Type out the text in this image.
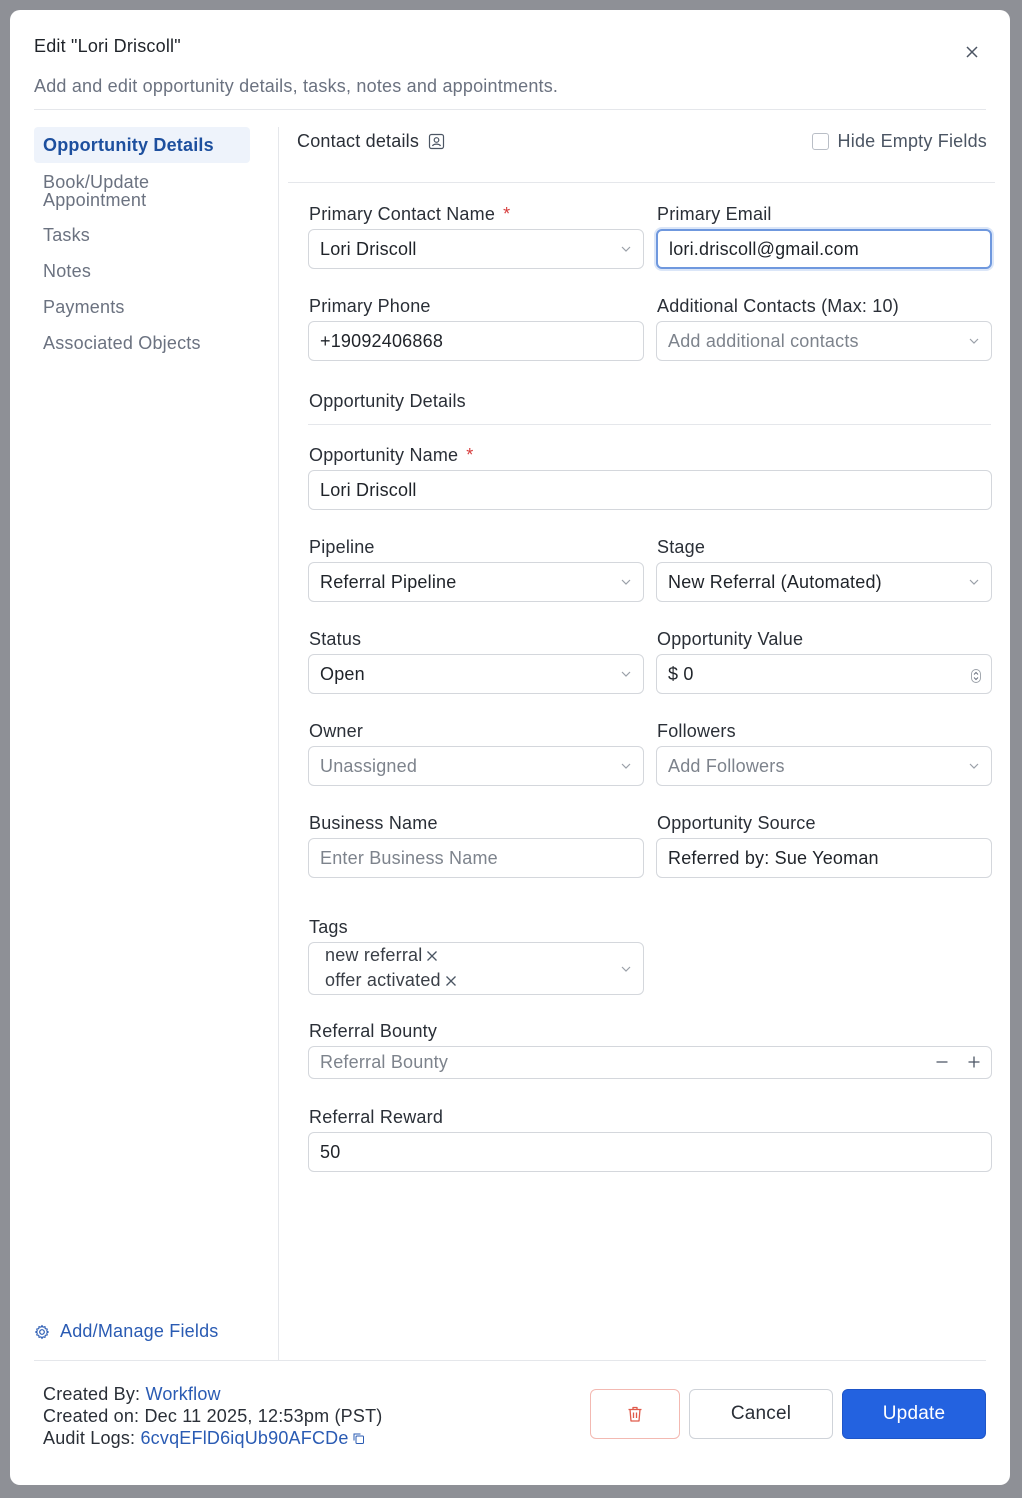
Edit "Lori Driscoll"
Add and edit opportunity details, tasks, notes and appointments.
Opportunity Details
Book/Update
Appointment
Tasks
Notes
Payments
Associated Objects
Add/Manage Fields
Contact details	Hide Empty Fields
Primary Contact Name *
Lori Driscoll
Primary Email
lori.driscoll@gmail.com
Primary Phone
+19092406868
Additional Contacts (Max: 10)
Add additional contacts
Opportunity Details
Opportunity Name *
Lori Driscoll
Pipeline
Referral Pipeline
Stage
New Referral (Automated)
Status
Open
Opportunity Value
$ 0
Owner
Unassigned
Followers
Add Followers
Business Name
Enter Business Name
Opportunity Source
Referred by: Sue Yeoman
Tags
new referral
offer activated
Referral Bounty
Referral Bounty
Referral Reward
50
Created By: Workflow
Created on: Dec 11 2025, 12:53pm (PST)
Audit Logs: 6cvqEFlD6iqUb90AFCDe
Cancel	Update
